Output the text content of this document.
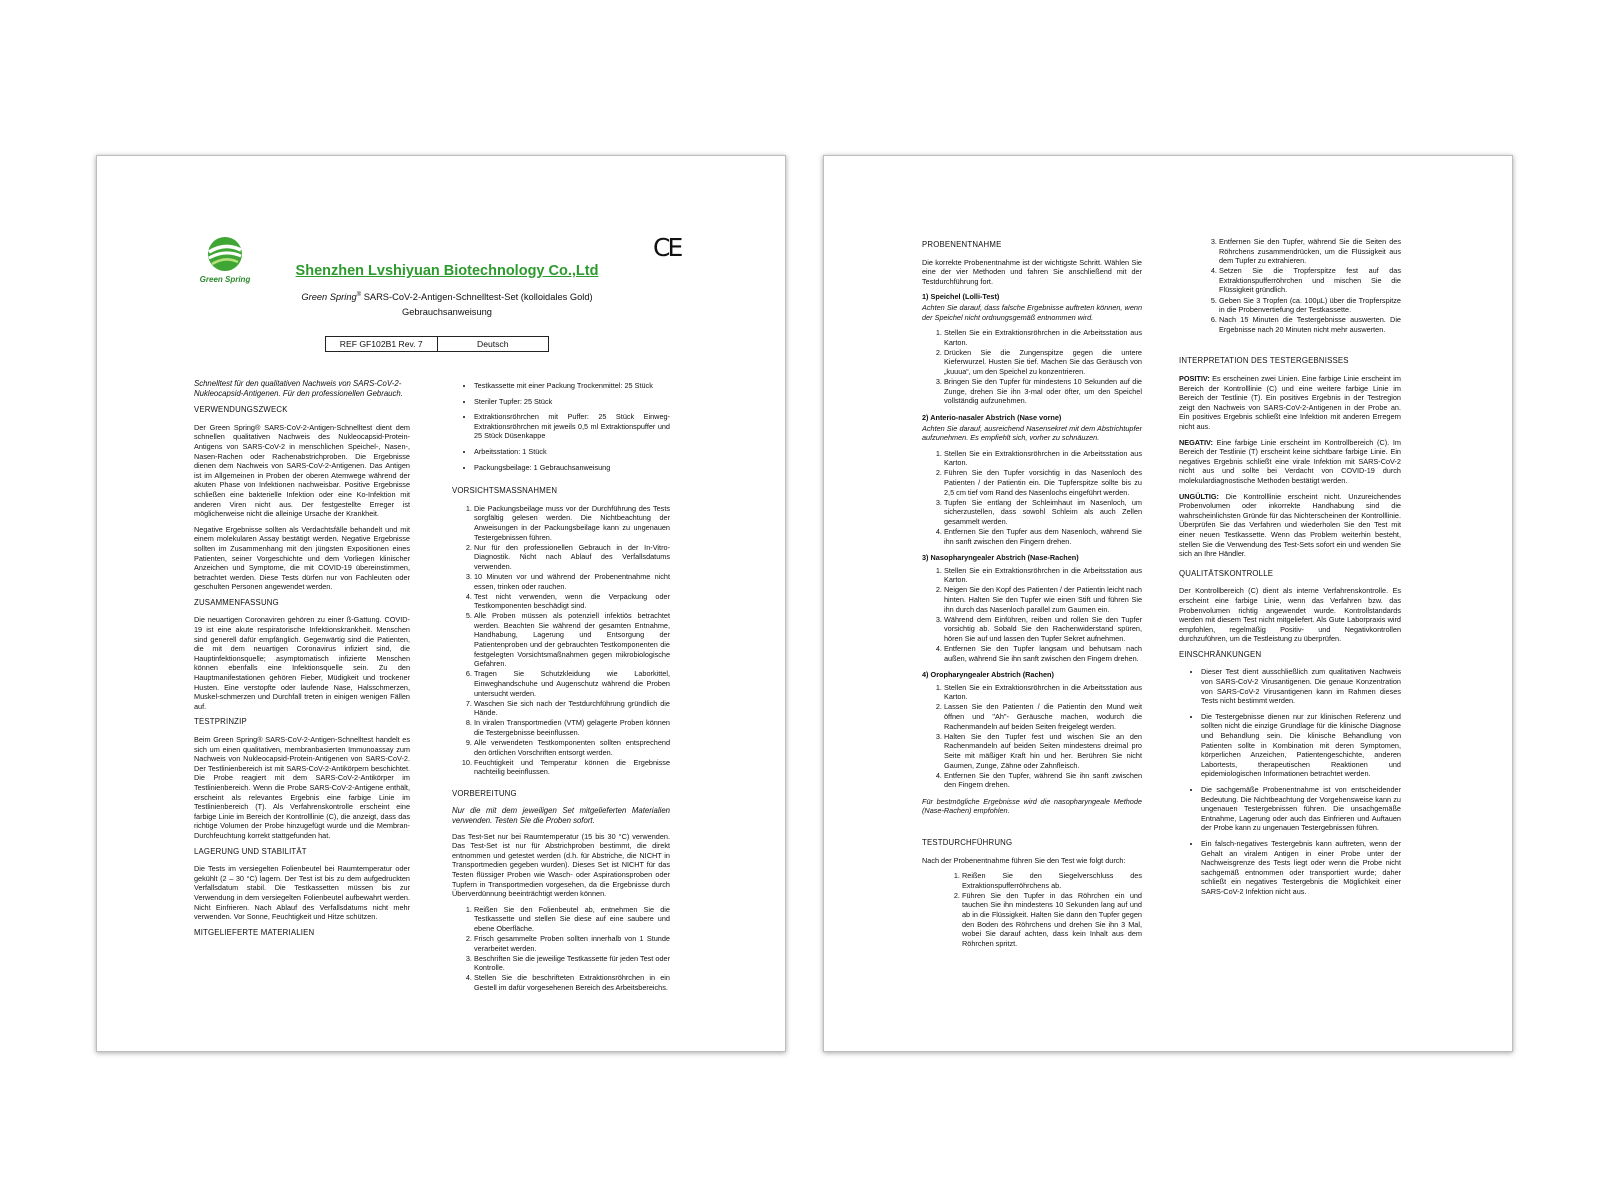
Green Spring
Shenzhen Lvshiyuan Biotechnology Co.,Ltd
CE
Green Spring® SARS-CoV-2-Antigen-Schnelltest-Set (kolloidales Gold)
Gebrauchsanweisung
REF GF102B1 Rev. 7	Deutsch
Schnelltest für den qualitativen Nachweis von SARS-CoV-2-Nukleocapsid-Antigenen. Für den professionellen Gebrauch.
VERWENDUNGSZWECK

Der Green Spring® SARS-CoV-2-Antigen-Schnelltest dient dem schnellen qualitativen Nachweis des Nukleocapsid-Protein-Antigens von SARS-CoV-2 in menschlichen Speichel-, Nasen-, Nasen-Rachen oder Rachenabstrichproben. Die Ergebnisse dienen dem Nachweis von SARS-CoV-2-Antigenen. Das Antigen ist im Allgemeinen in Proben der oberen Atemwege während der akuten Phase von Infektionen nachweisbar. Positive Ergebnisse schließen eine bakterielle Infektion oder eine Ko-Infektion mit anderen Viren nicht aus. Der festgestellte Erreger ist möglicherweise nicht die alleinige Ursache der Krankheit.

Negative Ergebnisse sollten als Verdachtsfälle behandelt und mit einem molekularen Assay bestätigt werden. Negative Ergebnisse sollten im Zusammenhang mit den jüngsten Expositionen eines Patienten, seiner Vorgeschichte und dem Vorliegen klinischer Anzeichen und Symptome, die mit COVID-19 übereinstimmen, betrachtet werden. Diese Tests dürfen nur von Fachleuten oder geschulten Personen angewendet werden.

ZUSAMMENFASSUNG

Die neuartigen Coronaviren gehören zu einer ß-Gattung. COVID-19 ist eine akute respiratorische Infektionskrankheit. Menschen sind generell dafür empfänglich. Gegenwärtig sind die Patienten, die mit dem neuartigen Coronavirus infiziert sind, die Hauptinfektionsquelle; asymptomatisch infizierte Menschen können ebenfalls eine Infektionsquelle sein. Zu den Hauptmanifestationen gehören Fieber, Müdigkeit und trockener Husten. Eine verstopfte oder laufende Nase, Halsschmerzen, Muskel-schmerzen und Durchfall treten in einigen wenigen Fällen auf.

TESTPRINZIP

Beim Green Spring® SARS-CoV-2-Antigen-Schnelltest handelt es sich um einen qualitativen, membranbasierten Immunoassay zum Nachweis von Nukleocapsid-Protein-Antigenen von SARS-CoV-2. Der Testlinienbereich ist mit SARS-CoV-2-Antikörpern beschichtet. Die Probe reagiert mit dem SARS-CoV-2-Antikörper im Testlinienbereich. Wenn die Probe SARS-CoV-2-Antigene enthält, erscheint als relevantes Ergebnis eine farbige Linie im Testlinienbereich (T). Als Verfahrenskontrolle erscheint eine farbige Linie im Bereich der Kontrolllinie (C), die anzeigt, dass das richtige Volumen der Probe hinzugefügt wurde und die Membran-Durchfeuchtung korrekt stattgefunden hat.

LAGERUNG UND STABILITÄT

Die Tests im versiegelten Folienbeutel bei Raumtemperatur oder gekühlt (2 – 30 °C) lagern. Der Test ist bis zu dem aufgedruckten Verfallsdatum stabil. Die Testkassetten müssen bis zur Verwendung in dem versiegelten Folienbeutel aufbewahrt werden. Nicht Einfrieren. Nach Ablauf des Verfallsdatums nicht mehr verwenden. Vor Sonne, Feuchtigkeit und Hitze schützen.

MITGELIEFERTE MATERIALIEN
• Testkassette mit einer Packung Trockenmittel: 25 Stück
• Steriler Tupfer: 25 Stück
• Extraktionsröhrchen mit Puffer: 25 Stück Einweg-Extraktionsröhrchen mit jeweils 0,5 ml Extraktionspuffer und 25 Stück Düsenkappe
• Arbeitsstation: 1 Stück
• Packungsbeilage: 1 Gebrauchsanweisung
VORSICHTSMASSNAHMEN
1. Die Packungsbeilage muss vor der Durchführung des Tests sorgfältig gelesen werden. Die Nichtbeachtung der Anweisungen in der Packungsbeilage kann zu ungenauen Testergebnissen führen.
2. Nur für den professionellen Gebrauch in der In-Vitro-Diagnostik. Nicht nach Ablauf des Verfallsdatums verwenden.
3. 10 Minuten vor und während der Probenentnahme nicht essen, trinken oder rauchen.
4. Test nicht verwenden, wenn die Verpackung oder Testkomponenten beschädigt sind.
5. Alle Proben müssen als potenziell infektiös betrachtet werden. Beachten Sie während der gesamten Entnahme, Handhabung, Lagerung und Entsorgung der Patientenproben und der gebrauchten Testkomponenten die festgelegten Vorsichtsmaßnahmen gegen mikrobiologische Gefahren.
6. Tragen Sie Schutzkleidung wie Laborkittel, Einweghandschuhe und Augenschutz während die Proben untersucht werden.
7. Waschen Sie sich nach der Testdurchführung gründlich die Hände.
8. In viralen Transportmedien (VTM) gelagerte Proben können die Testergebnisse beeinflussen.
9. Alle verwendeten Testkomponenten sollten entsprechend den örtlichen Vorschriften entsorgt werden.
10. Feuchtigkeit und Temperatur können die Ergebnisse nachteilig beeinflussen.
VORBEREITUNG

Nur die mit dem jeweiligen Set mitgelieferten Materialien verwenden. Testen Sie die Proben sofort.

Das Test-Set nur bei Raumtemperatur (15 bis 30 °C) verwenden. Das Test-Set ist nur für Abstrichproben bestimmt, die direkt entnommen und getestet werden (d.h. für Abstriche, die NICHT in Transportmedien gegeben wurden). Dieses Set ist NICHT für das Testen flüssiger Proben wie Wasch- oder Aspirationsproben oder Tupfern in Transportmedien vorgesehen, da die Ergebnisse durch Überverdünnung beeinträchtigt werden können.

1. Reißen Sie den Folienbeutel ab, entnehmen Sie die Testkassette und stellen Sie diese auf eine saubere und ebene Oberfläche.
2. Frisch gesammelte Proben sollten innerhalb von 1 Stunde verarbeitet werden.
3. Beschriften Sie die jeweilige Testkassette für jeden Test oder Kontrolle.
4. Stellen Sie die beschrifteten Extraktionsröhrchen in ein Gestell im dafür vorgesehenen Bereich des Arbeitsbereichs.
PROBENENTNAHME

Die korrekte Probenentnahme ist der wichtigste Schritt. Wählen Sie eine der vier Methoden und fahren Sie anschließend mit der Testdurchführung fort.

1) Speichel (Lolli-Test)

Achten Sie darauf, dass falsche Ergebnisse auftreten können, wenn der Speichel nicht ordnungsgemäß entnommen wird.

1. Stellen Sie ein Extraktionsröhrchen in die Arbeitsstation aus Karton.
2. Drücken Sie die Zungenspitze gegen die untere Kieferwurzel. Husten Sie tief. Machen Sie das Geräusch von „kuuua“, um den Speichel zu konzentrieren.
3. Bringen Sie den Tupfer für mindestens 10 Sekunden auf die Zunge, drehen Sie ihn 3-mal oder öfter, um den Speichel vollständig aufzunehmen.
2) Anterio-nasaler Abstrich (Nase vorne)

Achten Sie darauf, ausreichend Nasensekret mit dem Abstrichtupfer aufzunehmen. Es empfiehlt sich, vorher zu schnäuzen.

1. Stellen Sie ein Extraktionsröhrchen in die Arbeitsstation aus Karton.
2. Führen Sie den Tupfer vorsichtig in das Nasenloch des Patienten / der Patientin ein. Die Tupferspitze sollte bis zu 2,5 cm tief vom Rand des Nasenlochs eingeführt werden.
3. Tupfen Sie entlang der Schleimhaut im Nasenloch, um sicherzustellen, dass sowohl Schleim als auch Zellen gesammelt werden.
4. Entfernen Sie den Tupfer aus dem Nasenloch, während Sie ihn sanft zwischen den Fingern drehen.
3) Nasopharyngealer Abstrich (Nase-Rachen)
1. Stellen Sie ein Extraktionsröhrchen in die Arbeitsstation aus Karton.
2. Neigen Sie den Kopf des Patienten / der Patientin leicht nach hinten. Halten Sie den Tupfer wie einen Stift und führen Sie ihn durch das Nasenloch parallel zum Gaumen ein.
3. Während dem Einführen, reiben und rollen Sie den Tupfer vorsichtig ab. Sobald Sie den Rachenwiderstand spüren, hören Sie auf und lassen den Tupfer Sekret aufnehmen.
4. Entfernen Sie den Tupfer langsam und behutsam nach außen, während Sie ihn sanft zwischen den Fingern drehen.
4) Oropharyngealer Abstrich (Rachen)
1. Stellen Sie ein Extraktionsröhrchen in die Arbeitsstation aus Karton.
2. Lassen Sie den Patienten / die Patientin den Mund weit öffnen und "Ah"- Geräusche machen, wodurch die Rachenmandeln auf beiden Seiten freigelegt werden.
3. Halten Sie den Tupfer fest und wischen Sie an den Rachenmandeln auf beiden Seiten mindestens dreimal pro Seite mit mäßiger Kraft hin und her. Berühren Sie nicht Gaumen, Zunge, Zähne oder Zahnfleisch.
4. Entfernen Sie den Tupfer, während Sie ihn sanft zwischen den Fingern drehen.

Für bestmögliche Ergebnisse wird die nasopharyngeale Methode (Nase-Rachen) empfohlen.

TESTDURCHFÜHRUNG

Nach der Probenentnahme führen Sie den Test wie folgt durch:

1. Reißen Sie den Siegelverschluss des Extraktionspufferröhrchens ab.
2. Führen Sie den Tupfer in das Röhrchen ein und tauchen Sie ihn mindestens 10 Sekunden lang auf und ab in die Flüssigkeit. Halten Sie dann den Tupfer gegen den Boden des Röhrchens und drehen Sie ihn 3 Mal, wobei Sie darauf achten, dass kein Inhalt aus dem Röhrchen spritzt.
3. Entfernen Sie den Tupfer, während Sie die Seiten des Röhrchens zusammendrücken, um die Flüssigkeit aus dem Tupfer zu extrahieren.
4. Setzen Sie die Tropferspitze fest auf das Extraktionspufferröhrchen und mischen Sie die Flüssigkeit gründlich.
5. Geben Sie 3 Tropfen (ca. 100µL) über die Tropferspitze in die Probenvertiefung der Testkassette.
6. Nach 15 Minuten die Testergebnisse auswerten. Die Ergebnisse nach 20 Minuten nicht mehr auswerten.
INTERPRETATION DES TESTERGEBNISSES

POSITIV: Es erscheinen zwei Linien. Eine farbige Linie erscheint im Bereich der Kontrolllinie (C) und eine weitere farbige Linie im Bereich der Testlinie (T). Ein positives Ergebnis in der Testregion zeigt den Nachweis von SARS-CoV-2-Antigenen in der Probe an. Ein positives Ergebnis schließt eine Infektion mit anderen Erregern nicht aus.

NEGATIV: Eine farbige Linie erscheint im Kontrollbereich (C). Im Bereich der Testlinie (T) erscheint keine sichtbare farbige Linie. Ein negatives Ergebnis schließt eine virale Infektion mit SARS-CoV-2 nicht aus und sollte bei Verdacht von COVID-19 durch molekulardiagnostische Methoden bestätigt werden.

UNGÜLTIG: Die Kontrolllinie erscheint nicht. Unzureichendes Probenvolumen oder inkorrekte Handhabung sind die wahrscheinlichsten Gründe für das Nichterscheinen der Kontrolllinie. Überprüfen Sie das Verfahren und wiederholen Sie den Test mit einer neuen Testkassette. Wenn das Problem weiterhin besteht, stellen Sie die Verwendung des Test-Sets sofort ein und wenden Sie sich an Ihre Händler.

QUALITÄTSKONTROLLE

Der Kontrollbereich (C) dient als interne Verfahrenskontrolle. Es erscheint eine farbige Linie, wenn das Verfahren bzw. das Probenvolumen richtig angewendet wurde. Kontrollstandards werden mit diesem Test nicht mitgeliefert. Als Gute Laborpraxis wird empfohlen, regelmäßig Positiv- und Negativkontrollen durchzuführen, um die Testleistung zu überprüfen.

EINSCHRÄNKUNGEN
• Dieser Test dient ausschließlich zum qualitativen Nachweis von SARS-CoV-2 Virusantigenen. Die genaue Konzentration von SARS-CoV-2 Virusantigenen kann im Rahmen dieses Tests nicht bestimmt werden.
• Die Testergebnisse dienen nur zur klinischen Referenz und sollten nicht die einzige Grundlage für die klinische Diagnose und Behandlung sein. Die klinische Behandlung von Patienten sollte in Kombination mit deren Symptomen, körperlichen Anzeichen, Patientengeschichte, anderen Labortests, therapeutischen Reaktionen und epidemiologischen Informationen betrachtet werden.
• Die sachgemäße Probenentnahme ist von entscheidender Bedeutung. Die Nichtbeachtung der Vorgehensweise kann zu ungenauen Testergebnissen führen. Die unsachgemäße Entnahme, Lagerung oder auch das Einfrieren und Auftauen der Probe kann zu ungenauen Testergebnissen führen.
• Ein falsch-negatives Testergebnis kann auftreten, wenn der Gehalt an viralem Antigen in einer Probe unter der Nachweisgrenze des Tests liegt oder wenn die Probe nicht sachgemäß entnommen oder transportiert wurde; daher schließt ein negatives Testergebnis die Möglichkeit einer SARS-CoV-2 Infektion nicht aus.
